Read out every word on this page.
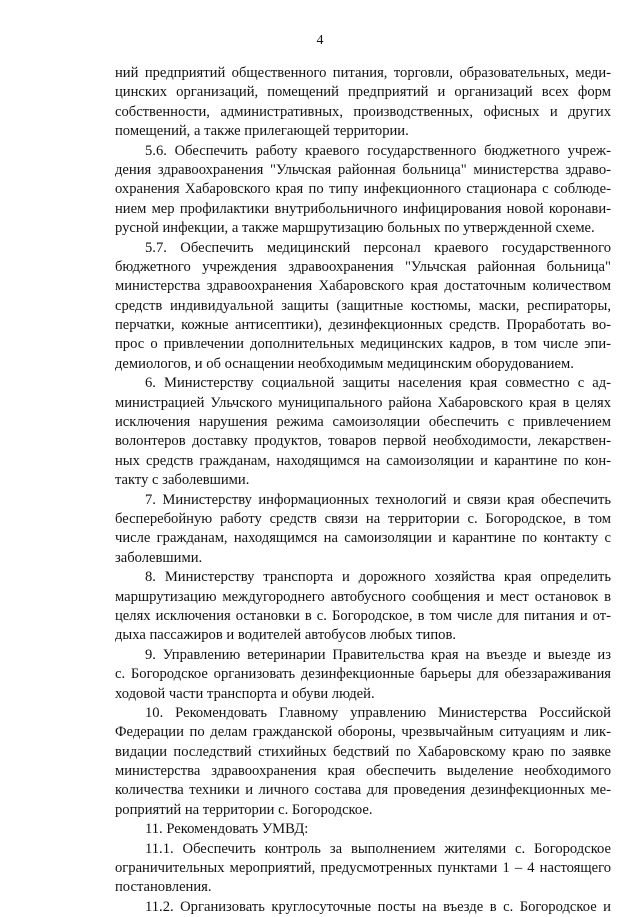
4
ний предприятий общественного питания, торговли, образовательных, меди-
цинских организаций, помещений предприятий и организаций всех форм
собственности, административных, производственных, офисных и других
помещений, а также прилегающей территории.
5.6. Обеспечить работу краевого государственного бюджетного учреж-
дения здравоохранения "Ульчская районная больница" министерства здраво-
охранения Хабаровского края по типу инфекционного стационара с соблюде-
нием мер профилактики внутрибольничного инфицирования новой коронави-
русной инфекции, а также маршрутизацию больных по утвержденной схеме.
5.7. Обеспечить медицинский персонал краевого государственного
бюджетного учреждения здравоохранения "Ульчская районная больница"
министерства здравоохранения Хабаровского края достаточным количеством
средств индивидуальной защиты (защитные костюмы, маски, респираторы,
перчатки, кожные антисептики), дезинфекционных средств. Проработать во-
прос о привлечении дополнительных медицинских кадров, в том числе эпи-
демиологов, и об оснащении необходимым медицинским оборудованием.
6. Министерству социальной защиты населения края совместно с ад-
министрацией Ульчского муниципального района Хабаровского края в целях
исключения нарушения режима самоизоляции обеспечить с привлечением
волонтеров доставку продуктов, товаров первой необходимости, лекарствен-
ных средств гражданам, находящимся на самоизоляции и карантине по кон-
такту с заболевшими.
7. Министерству информационных технологий и связи края обеспечить
бесперебойную работу средств связи на территории с. Богородское, в том
числе гражданам, находящимся на самоизоляции и карантине по контакту с
заболевшими.
8. Министерству транспорта и дорожного хозяйства края определить
маршрутизацию междугороднего автобусного сообщения и мест остановок в
целях исключения остановки в с. Богородское, в том числе для питания и от-
дыха пассажиров и водителей автобусов любых типов.
9. Управлению ветеринарии Правительства края на въезде и выезде из
с. Богородское организовать дезинфекционные барьеры для обеззараживания
ходовой части транспорта и обуви людей.
10. Рекомендовать Главному управлению Министерства Российской
Федерации по делам гражданской обороны, чрезвычайным ситуациям и лик-
видации последствий стихийных бедствий по Хабаровскому краю по заявке
министерства здравоохранения края обеспечить выделение необходимого
количества техники и личного состава для проведения дезинфекционных ме-
роприятий на территории с. Богородское.
11. Рекомендовать УМВД:
11.1. Обеспечить контроль за выполнением жителями с. Богородское
ограничительных мероприятий, предусмотренных пунктами 1 – 4 настоящего
постановления.
11.2. Организовать круглосуточные посты на въезде в с. Богородское и
